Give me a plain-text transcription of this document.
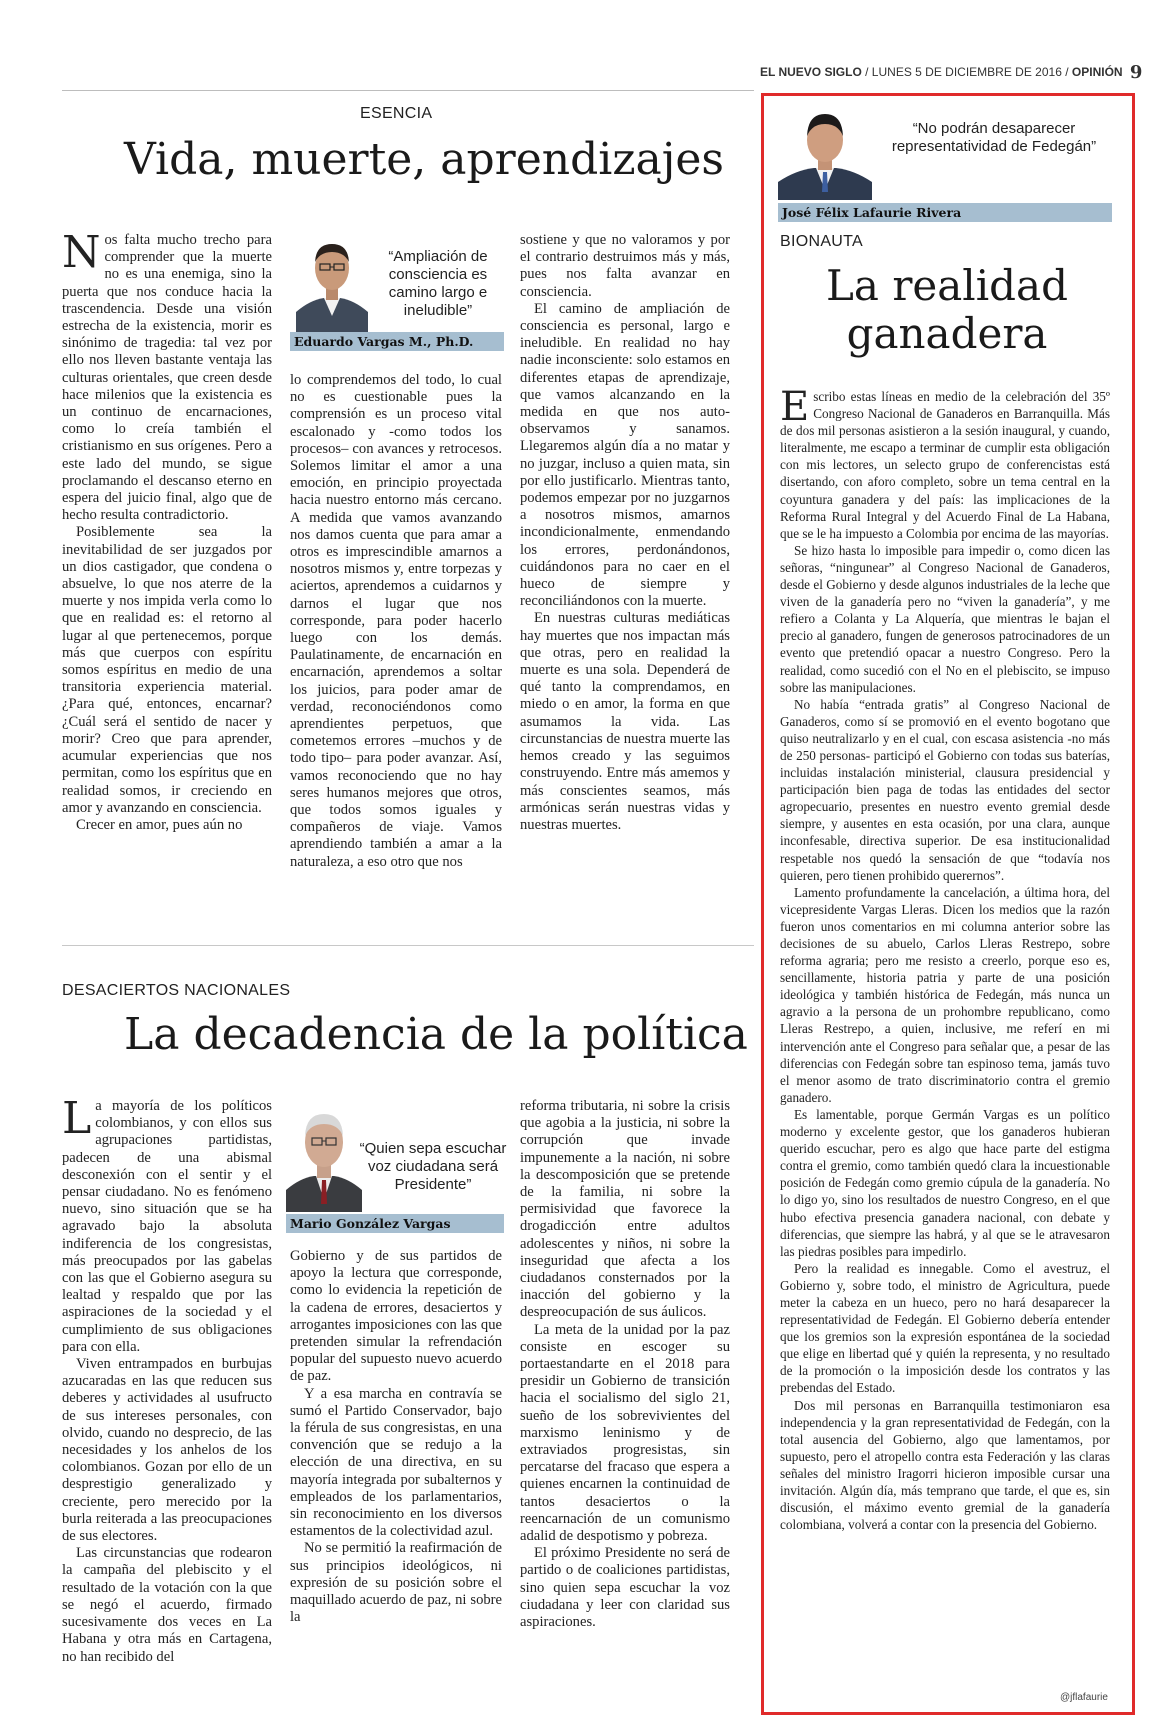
EL NUEVO SIGLO / LUNES 5 DE DICIEMBRE DE 2016 / OPINIÓN 9
ESENCIA
Vida, muerte, aprendizajes

Nos falta mucho trecho para comprender que la muerte no es una enemiga, sino la puerta que nos conduce hacia la trascendencia. Desde una visión estrecha de la existencia, morir es sinónimo de tragedia: tal vez por ello nos lleven bastante ventaja las culturas orientales, que creen desde hace milenios que la existencia es un continuo de encarnaciones, como lo creía también el cristianismo en sus orígenes. Pero a este lado del mundo, se sigue proclamando el descanso eterno en espera del juicio final, algo que de hecho resulta contradictorio.

Posiblemente sea la inevitabilidad de ser juzgados por un dios castigador, que condena o absuelve, lo que nos aterre de la muerte y nos impida verla como lo que en realidad es: el retorno al lugar al que pertenecemos, porque más que cuerpos con espíritu somos espíritus en medio de una transitoria experiencia material. ¿Para qué, entonces, encarnar? ¿Cuál será el sentido de nacer y morir? Creo que para aprender, acumular experiencias que nos permitan, como los espíritus que en realidad somos, ir creciendo en amor y avanzando en consciencia.

Crecer en amor, pues aún no

“Ampliación de consciencia es camino largo e ineludible”
Eduardo Vargas M., Ph.D.

lo comprendemos del todo, lo cual no es cuestionable pues la comprensión es un proceso vital escalonado y -como todos los procesos– con avances y retrocesos. Solemos limitar el amor a una emoción, en principio proyectada hacia nuestro entorno más cercano. A medida que vamos avanzando nos damos cuenta que para amar a otros es imprescindible amarnos a nosotros mismos y, entre torpezas y aciertos, aprendemos a cuidarnos y darnos el lugar que nos corresponde, para poder hacerlo luego con los demás. Paulatinamente, de encarnación en encarnación, aprendemos a soltar los juicios, para poder amar de verdad, reconociéndonos como aprendientes perpetuos, que cometemos errores –muchos y de todo tipo– para poder avanzar. Así, vamos reconociendo que no hay seres humanos mejores que otros, que todos somos iguales y compañeros de viaje. Vamos aprendiendo también a amar a la naturaleza, a eso otro que nos

sostiene y que no valoramos y por el contrario destruimos más y más, pues nos falta avanzar en consciencia.

El camino de ampliación de consciencia es personal, largo e ineludible. En realidad no hay nadie inconsciente: solo estamos en diferentes etapas de aprendizaje, que vamos alcanzando en la medida en que nos auto-observamos y sanamos. Llegaremos algún día a no matar y no juzgar, incluso a quien mata, sin por ello justificarlo. Mientras tanto, podemos empezar por no juzgarnos a nosotros mismos, amarnos incondicionalmente, enmendando los errores, perdonándonos, cuidándonos para no caer en el hueco de siempre y reconciliándonos con la muerte.

En nuestras culturas mediáticas hay muertes que nos impactan más que otras, pero en realidad la muerte es una sola. Dependerá de qué tanto la comprendamos, en miedo o en amor, la forma en que asumamos la vida. Las circunstancias de nuestra muerte las hemos creado y las seguimos construyendo. Entre más amemos y más conscientes seamos, más armónicas serán nuestras vidas y nuestras muertes.

DESACIERTOS NACIONALES
La decadencia de la política

La mayoría de los políticos colombianos, y con ellos sus agrupaciones partidistas, padecen de una abismal desconexión con el sentir y el pensar ciudadano. No es fenómeno nuevo, sino situación que se ha agravado bajo la absoluta indiferencia de los congresistas, más preocupados por las gabelas con las que el Gobierno asegura su lealtad y respaldo que por las aspiraciones de la sociedad y el cumplimiento de sus obligaciones para con ella.

Viven entrampados en burbujas azucaradas en las que reducen sus deberes y actividades al usufructo de sus intereses personales, con olvido, cuando no desprecio, de las necesidades y los anhelos de los colombianos. Gozan por ello de un desprestigio generalizado y creciente, pero merecido por la burla reiterada a las preocupaciones de sus electores.

Las circunstancias que rodearon la campaña del plebiscito y el resultado de la votación con la que se negó el acuerdo, firmado sucesivamente dos veces en La Habana y otra más en Cartagena, no han recibido del

“Quien sepa escuchar voz ciudadana será Presidente”
Mario González Vargas

Gobierno y de sus partidos de apoyo la lectura que corresponde, como lo evidencia la repetición de la cadena de errores, desaciertos y arrogantes imposiciones con las que pretenden simular la refrendación popular del supuesto nuevo acuerdo de paz.

Y a esa marcha en contravía se sumó el Partido Conservador, bajo la férula de sus congresistas, en una convención que se redujo a la elección de una directiva, en su mayoría integrada por subalternos y empleados de los parlamentarios, sin reconocimiento en los diversos estamentos de la colectividad azul.

No se permitió la reafirmación de sus principios ideológicos, ni expresión de su posición sobre el maquillado acuerdo de paz, ni sobre la

reforma tributaria, ni sobre la crisis que agobia a la justicia, ni sobre la corrupción que invade impunemente a la nación, ni sobre la descomposición que se pretende de la familia, ni sobre la permisividad que favorece la drogadicción entre adultos adolescentes y niños, ni sobre la inseguridad que afecta a los ciudadanos consternados por la inacción del gobierno y la despreocupación de sus áulicos.

La meta de la unidad por la paz consiste en escoger su portaestandarte en el 2018 para presidir un Gobierno de transición hacia el socialismo del siglo 21, sueño de los sobrevivientes del marxismo leninismo y de extraviados progresistas, sin percatarse del fracaso que espera a quienes encarnen la continuidad de tantos desaciertos o la reencarnación de un comunismo adalid de despotismo y pobreza.

El próximo Presidente no será de partido o de coaliciones partidistas, sino quien sepa escuchar la voz ciudadana y leer con claridad sus aspiraciones.

“No podrán desaparecer representatividad de Fedegán”
José Félix Lafaurie Rivera
BIONAUTA
La realidad
ganadera

Escribo estas líneas en medio de la celebración del 35º Congreso Nacional de Ganaderos en Barranquilla. Más de dos mil personas asistieron a la sesión inaugural, y cuando, literalmente, me escapo a terminar de cumplir esta obligación con mis lectores, un selecto grupo de conferencistas está disertando, con aforo completo, sobre un tema central en la coyuntura ganadera y del país: las implicaciones de la Reforma Rural Integral y del Acuerdo Final de La Habana, que se le ha impuesto a Colombia por encima de las mayorías.

Se hizo hasta lo imposible para impedir o, como dicen las señoras, “ningunear” al Congreso Nacional de Ganaderos, desde el Gobierno y desde algunos industriales de la leche que viven de la ganadería pero no “viven la ganadería”, y me refiero a Colanta y La Alquería, que mientras le bajan el precio al ganadero, fungen de generosos patrocinadores de un evento que pretendió opacar a nuestro Congreso. Pero la realidad, como sucedió con el No en el plebiscito, se impuso sobre las manipulaciones.

No había “entrada gratis” al Congreso Nacional de Ganaderos, como sí se promovió en el evento bogotano que quiso neutralizarlo y en el cual, con escasa asistencia -no más de 250 personas- participó el Gobierno con todas sus baterías, incluidas instalación ministerial, clausura presidencial y participación bien paga de todas las entidades del sector agropecuario, presentes en nuestro evento gremial desde siempre, y ausentes en esta ocasión, por una clara, aunque inconfesable, directiva superior. De esa institucionalidad respetable nos quedó la sensación de que “todavía nos quieren, pero tienen prohibido querernos”.

Lamento profundamente la cancelación, a última hora, del vicepresidente Vargas Lleras. Dicen los medios que la razón fueron unos comentarios en mi columna anterior sobre las decisiones de su abuelo, Carlos Lleras Restrepo, sobre reforma agraria; pero me resisto a creerlo, porque eso es, sencillamente, historia patria y parte de una posición ideológica y también histórica de Fedegán, más nunca un agravio a la persona de un prohombre republicano, como Lleras Restrepo, a quien, inclusive, me referí en mi intervención ante el Congreso para señalar que, a pesar de las diferencias con Fedegán sobre tan espinoso tema, jamás tuvo el menor asomo de trato discriminatorio contra el gremio ganadero.

Es lamentable, porque Germán Vargas es un político moderno y excelente gestor, que los ganaderos hubieran querido escuchar, pero es algo que hace parte del estigma contra el gremio, como también quedó clara la incuestionable posición de Fedegán como gremio cúpula de la ganadería. No lo digo yo, sino los resultados de nuestro Congreso, en el que hubo efectiva presencia ganadera nacional, con debate y diferencias, que siempre las habrá, y al que se le atravesaron las piedras posibles para impedirlo.

Pero la realidad es innegable. Como el avestruz, el Gobierno y, sobre todo, el ministro de Agricultura, puede meter la cabeza en un hueco, pero no hará desaparecer la representatividad de Fedegán. El Gobierno debería entender que los gremios son la expresión espontánea de la sociedad que elige en libertad qué y quién la representa, y no resultado de la promoción o la imposición desde los contratos y las prebendas del Estado.

Dos mil personas en Barranquilla testimoniaron esa independencia y la gran representatividad de Fedegán, con la total ausencia del Gobierno, algo que lamentamos, por supuesto, pero el atropello contra esta Federación y las claras señales del ministro Iragorri hicieron imposible cursar una invitación. Algún día, más temprano que tarde, el que es, sin discusión, el máximo evento gremial de la ganadería colombiana, volverá a contar con la presencia del Gobierno.

@jflafaurie
